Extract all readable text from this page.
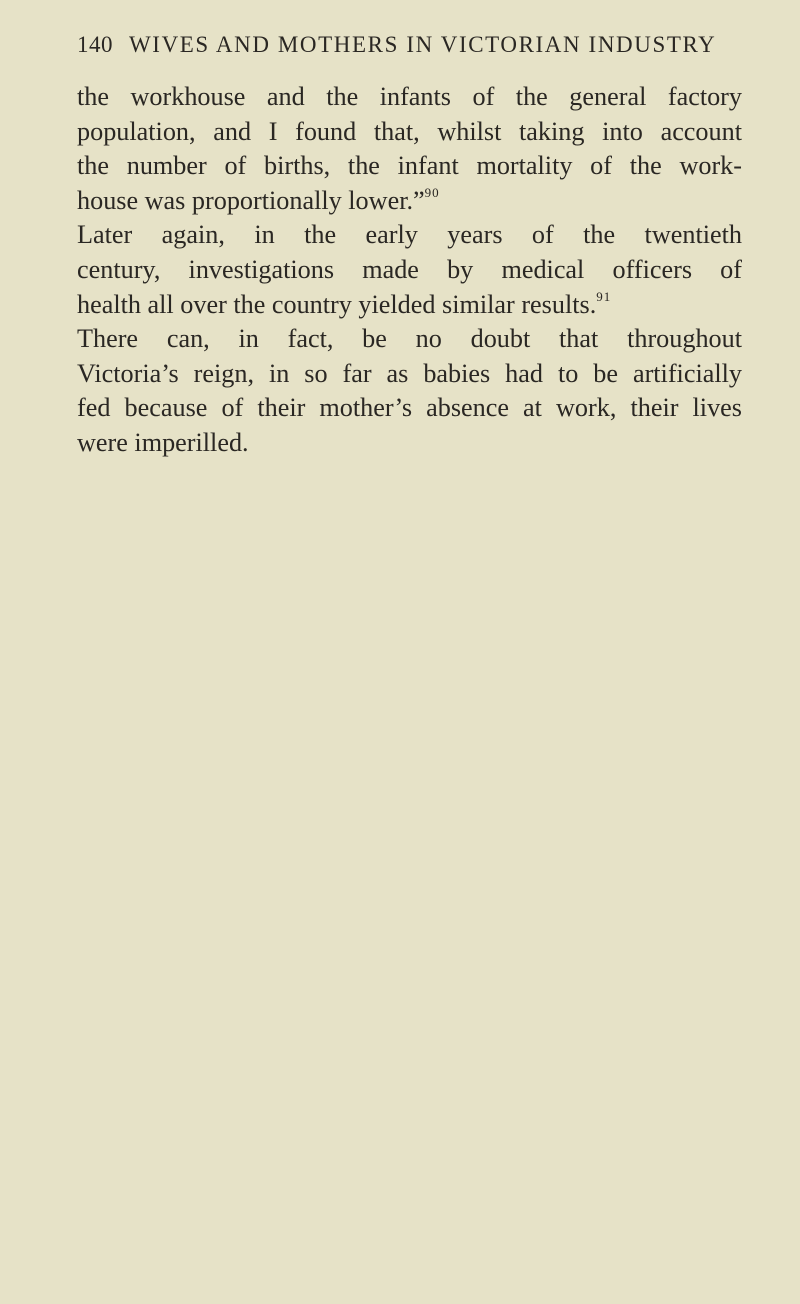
140 WIVES AND MOTHERS IN VICTORIAN INDUSTRY
the workhouse and the infants of the general factory
population, and I found that, whilst taking into account
the number of births, the infant mortality of the work-
house was proportionally lower.”$^{90}$
Later again, in the early years of the twentieth
century, investigations made by medical officers of
health all over the country yielded similar results.$^{91}$
There can, in fact, be no doubt that throughout
Victoria’s reign, in so far as babies had to be artificially
fed because of their mother’s absence at work, their lives
were imperilled.
